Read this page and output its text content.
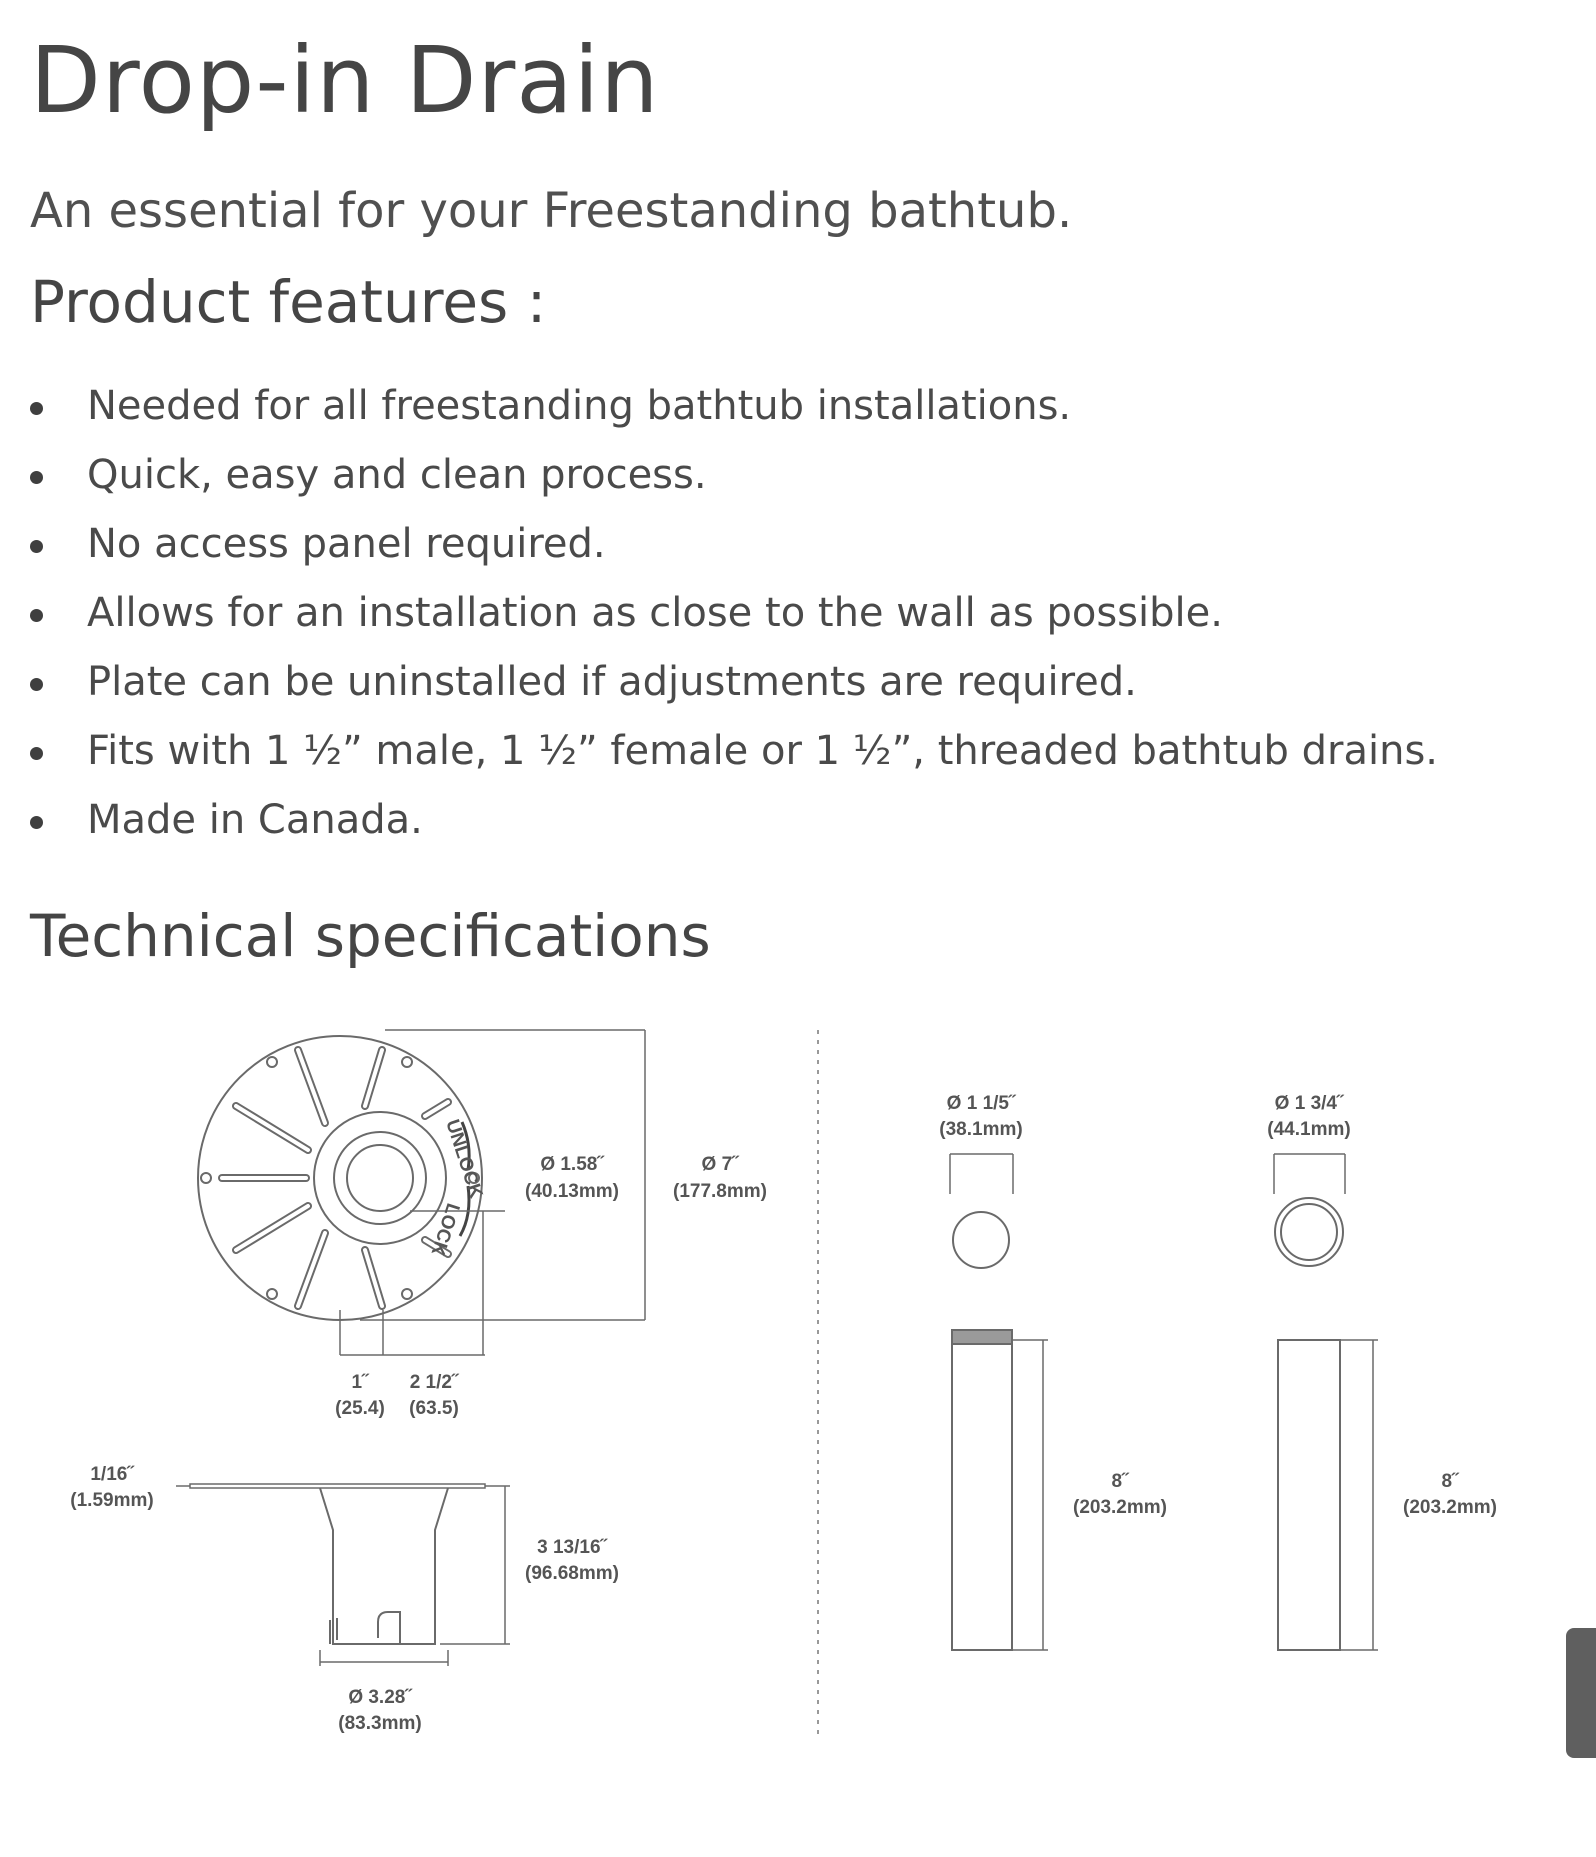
Drop-in Drain

An essential for your Freestanding bathtub.

Product features :
Needed for all freestanding bathtub installations.
Quick, easy and clean process.
No access panel required.
Allows for an installation as close to the wall as possible.
Plate can be uninstalled if adjustments are required.
Fits with 1 ½” male, 1 ½” female or 1 ½”, threaded bathtub drains.
Made in Canada.
Technical specifications
UNLOCK
LOCK
Ø 1.58˝
(40.13mm)
Ø 7˝
(177.8mm)
1˝
(25.4)
2 1/2˝
(63.5)
1/16˝
(1.59mm)
3 13/16˝
(96.68mm)
Ø 3.28˝
(83.3mm)
Ø 1 1/5˝
(38.1mm)
Ø 1 3/4˝
(44.1mm)
8˝
(203.2mm)
8˝
(203.2mm)
